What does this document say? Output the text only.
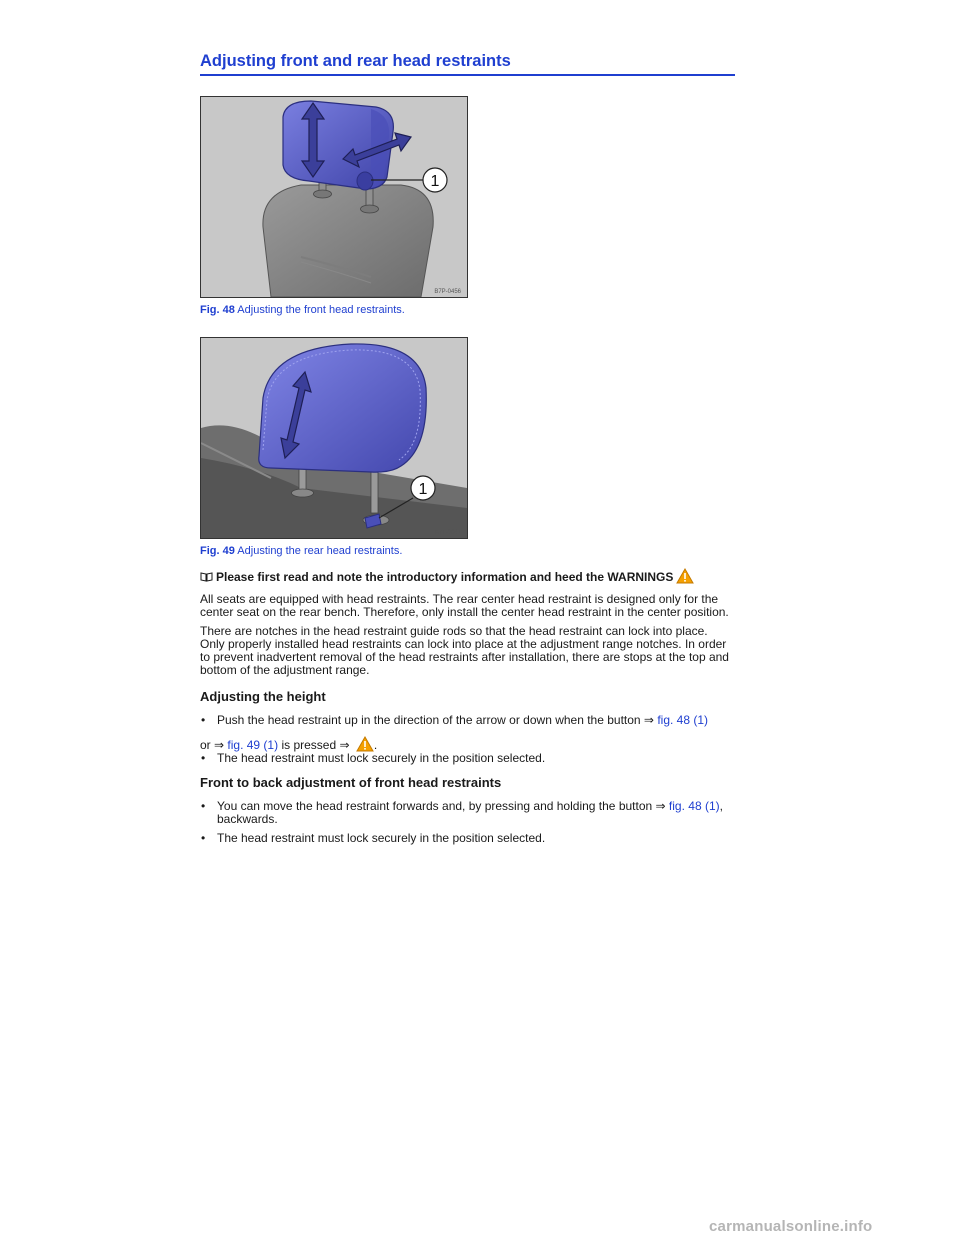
Adjusting front and rear head restraints
1
B7P-0456
Fig. 48 Adjusting the front head restraints.
1
B7T-0041
Fig. 49 Adjusting the rear head restraints.
Please first read and note the introductory information and heed the WARNINGS
All seats are equipped with head restraints. The rear center head restraint is designed only for the center seat on the rear bench. Therefore, only install the center head restraint in the center position.
There are notches in the head restraint guide rods so that the head restraint can lock into place. Only properly installed head restraints can lock into place at the adjustment range notches. In order to prevent inadvertent removal of the head restraints after installation, there are stops at the top and bottom of the adjustment range.
Adjusting the height
• Push the head restraint up in the direction of the arrow or down when the button ⇒ fig. 48 (1)
or ⇒ fig. 49 (1) is pressed ⇒ .
• The head restraint must lock securely in the position selected.
Front to back adjustment of front head restraints
• You can move the head restraint forwards and, by pressing and holding the button ⇒ fig. 48 (1), backwards.
• The head restraint must lock securely in the position selected.
carmanualsonline.info
